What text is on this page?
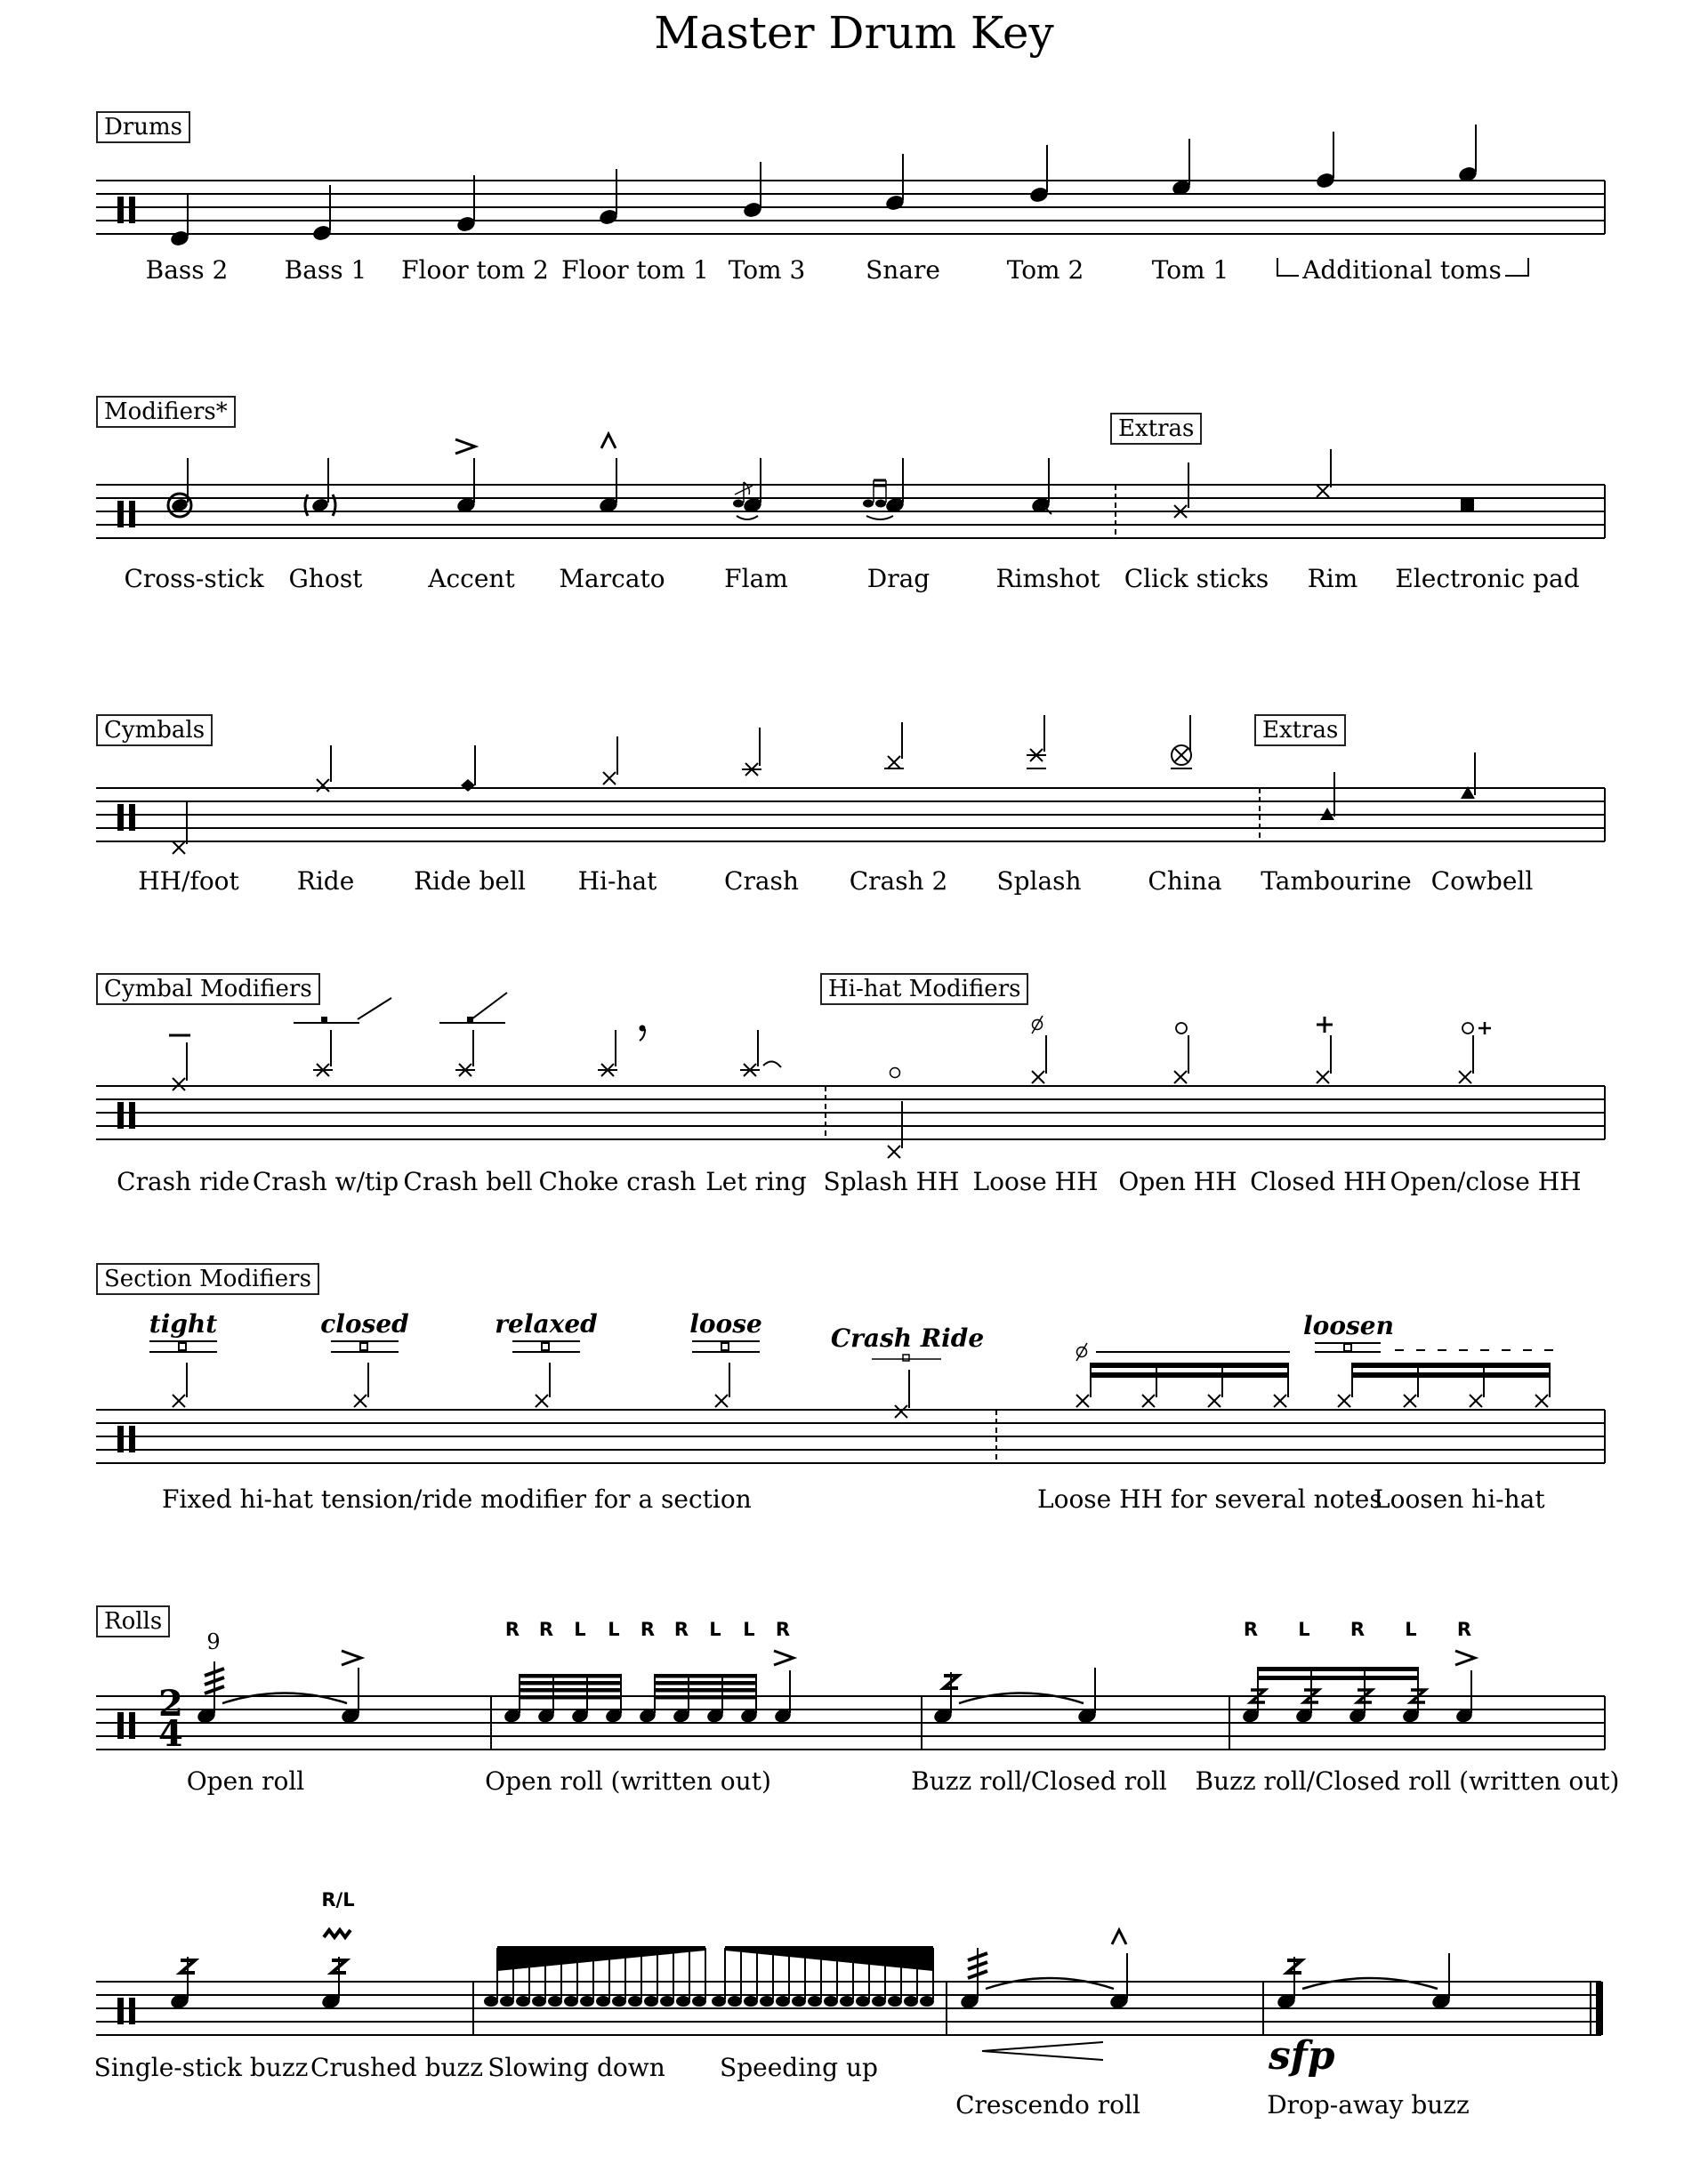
Master Drum Key
Drums
Modifiers*
Extras
Cymbals	Extras
Cymbal Modifiers	Hi-hat Modifiers
Section Modifiers
Rolls
Bass 2 Bass 1 Floor tom 2 Floor tom 1 Tom 3 Snare	Tom 2	Tom 1	Additional toms
Cross-stick Ghost	Accent Marcato Flam	Drag	Rimshot Click sticks Rim Electronic pad
HH/foot Ride Ride bell Hi-hat	Crash Crash 2 Splash	China Tambourine Cowbell
Crash ride Crash w/tip Crash bell Choke crash Let ring Splash HH Loose HH Open HH Closed HH Open/close HH
tight	closed	relaxed	loose	Crash Ride	loosen
Fixed hi-hat tension/ride modifier for a section	Loose HH for several notes
Loosen hi-hat
9
2
4
R R L L R R L L R	R L R L R
Open roll	Open roll (written out)	Buzz roll/Closed roll Buzz roll/Closed roll (written out)
R/L
sfp
Single-stick buzz Crushed buzz Slowing down Speeding up
Crescendo roll	Drop-away buzz
